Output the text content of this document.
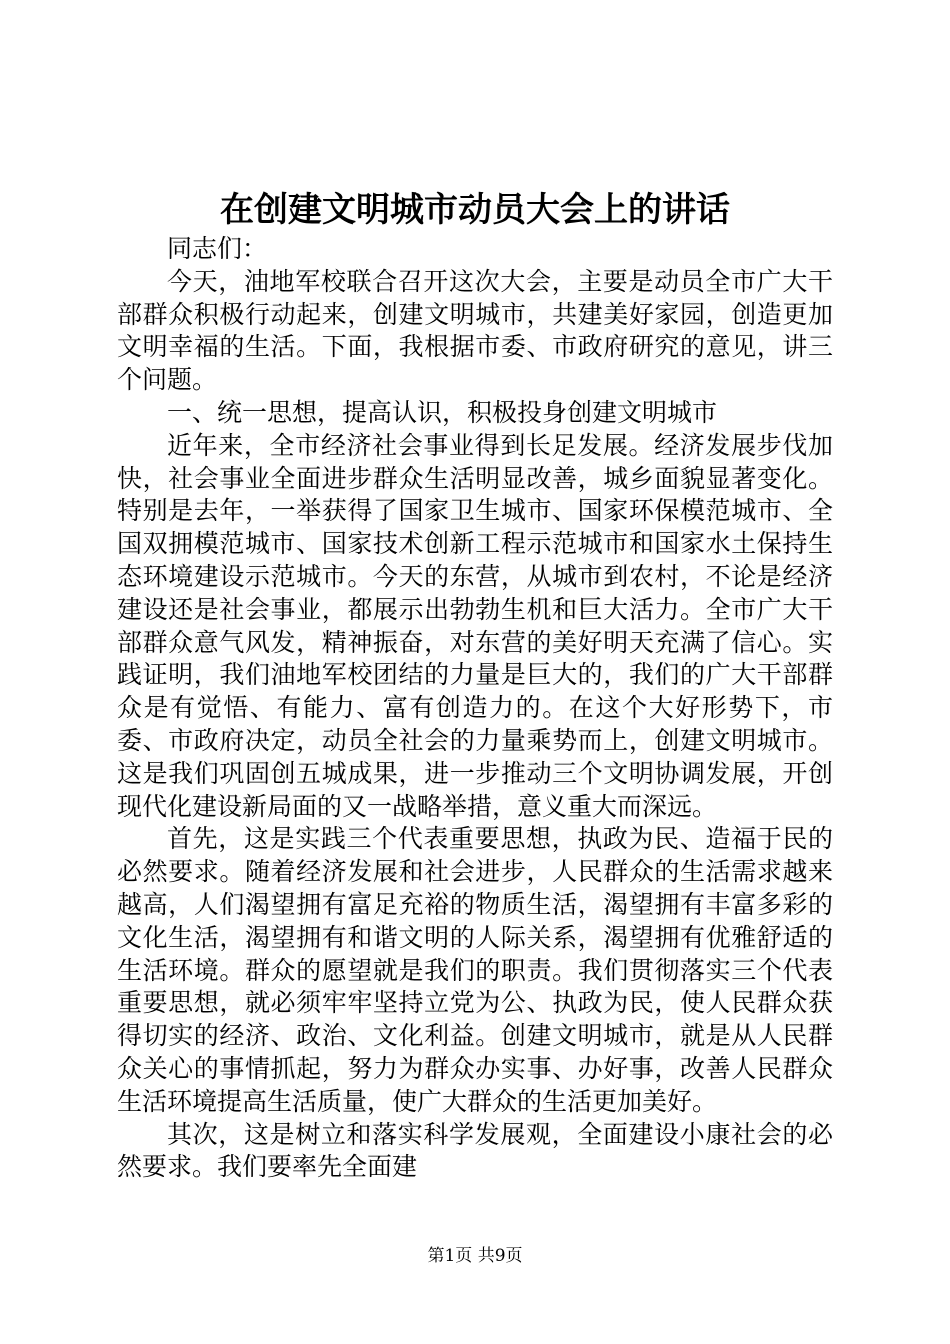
在创建文明城市动员大会上的讲话

同志们：

今天，油地军校联合召开这次大会，主要是动员全市广大干部群众积极行动起来，创建文明城市，共建美好家园，创造更加文明幸福的生活。下面，我根据市委、市政府研究的意见，讲三个问题。

一、统一思想，提高认识，积极投身创建文明城市

近年来，全市经济社会事业得到长足发展。经济发展步伐加快，社会事业全面进步群众生活明显改善，城乡面貌显著变化。特别是去年，一举获得了国家卫生城市、国家环保模范城市、全国双拥模范城市、国家技术创新工程示范城市和国家水土保持生态环境建设示范城市。今天的东营，从城市到农村，不论是经济建设还是社会事业，都展示出勃勃生机和巨大活力。全市广大干部群众意气风发，精神振奋，对东营的美好明天充满了信心。实践证明，我们油地军校团结的力量是巨大的，我们的广大干部群众是有觉悟、有能力、富有创造力的。在这个大好形势下，市委、市政府决定，动员全社会的力量乘势而上，创建文明城市。这是我们巩固创五城成果，进一步推动三个文明协调发展，开创现代化建设新局面的又一战略举措，意义重大而深远。

首先，这是实践三个代表重要思想，执政为民、造福于民的必然要求。随着经济发展和社会进步，人民群众的生活需求越来越高，人们渴望拥有富足充裕的物质生活，渴望拥有丰富多彩的文化生活，渴望拥有和谐文明的人际关系，渴望拥有优雅舒适的生活环境。群众的愿望就是我们的职责。我们贯彻落实三个代表重要思想，就必须牢牢坚持立党为公、执政为民，使人民群众获得切实的经济、政治、文化利益。创建文明城市，就是从人民群众关心的事情抓起，努力为群众办实事、办好事，改善人民群众生活环境提高生活质量，使广大群众的生活更加美好。

其次，这是树立和落实科学发展观，全面建设小康社会的必然要求。我们要率先全面建

第1页 共9页
